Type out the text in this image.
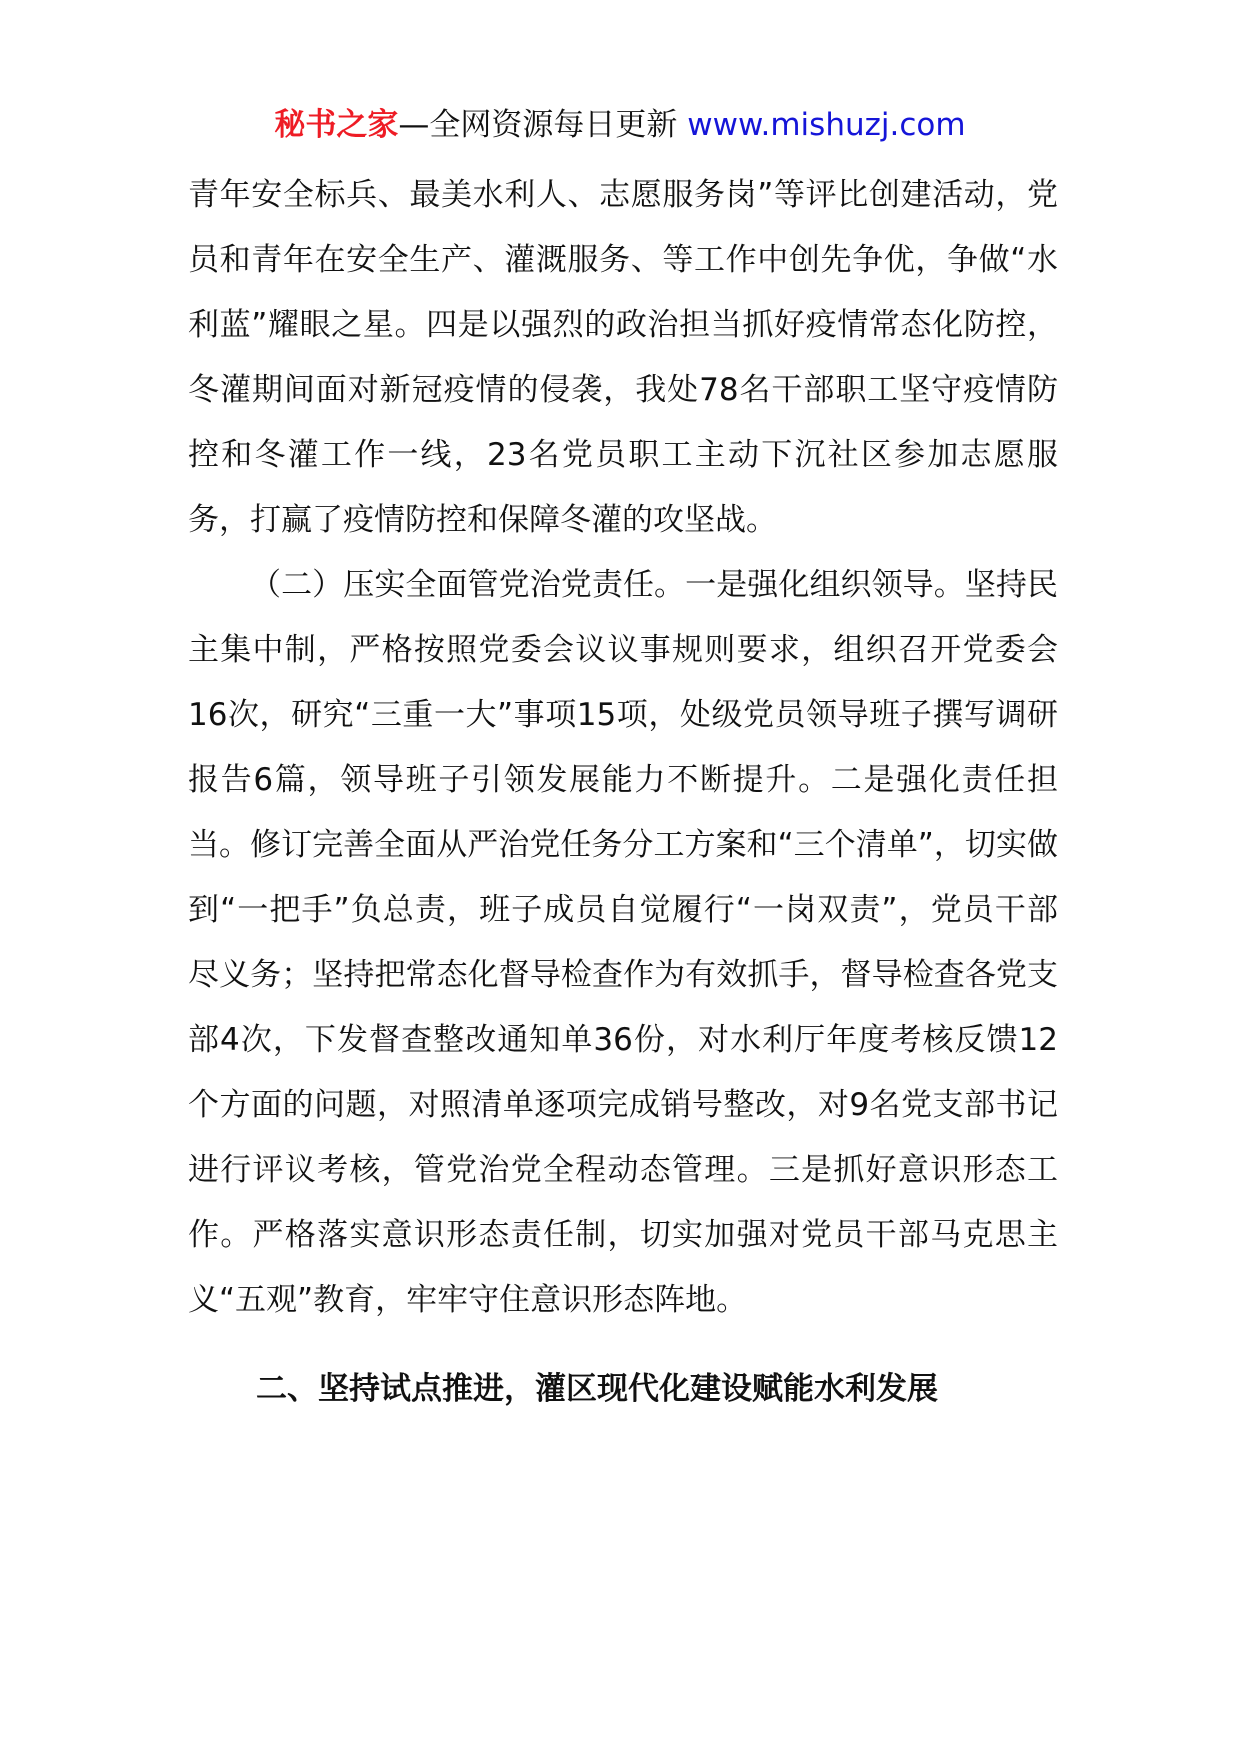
秘书之家—全网资源每日更新 www.mishuzj.com

青年安全标兵、最美水利人、志愿服务岗”等评比创建活动，党员和青年在安全生产、灌溉服务、等工作中创先争优，争做“水利蓝”耀眼之星。四是以强烈的政治担当抓好疫情常态化防控，冬灌期间面对新冠疫情的侵袭，我处78名干部职工坚守疫情防控和冬灌工作一线，23名党员职工主动下沉社区参加志愿服务，打赢了疫情防控和保障冬灌的攻坚战。

（二）压实全面管党治党责任。一是强化组织领导。坚持民主集中制，严格按照党委会议议事规则要求，组织召开党委会16次，研究“三重一大”事项15项，处级党员领导班子撰写调研报告6篇，领导班子引领发展能力不断提升。二是强化责任担当。修订完善全面从严治党任务分工方案和“三个清单”，切实做到“一把手”负总责，班子成员自觉履行“一岗双责”，党员干部尽义务；坚持把常态化督导检查作为有效抓手，督导检查各党支部4次，下发督查整改通知单36份，对水利厅年度考核反馈12个方面的问题，对照清单逐项完成销号整改，对9名党支部书记进行评议考核，管党治党全程动态管理。三是抓好意识形态工作。严格落实意识形态责任制，切实加强对党员干部马克思主义“五观”教育，牢牢守住意识形态阵地。

二、坚持试点推进，灌区现代化建设赋能水利发展
